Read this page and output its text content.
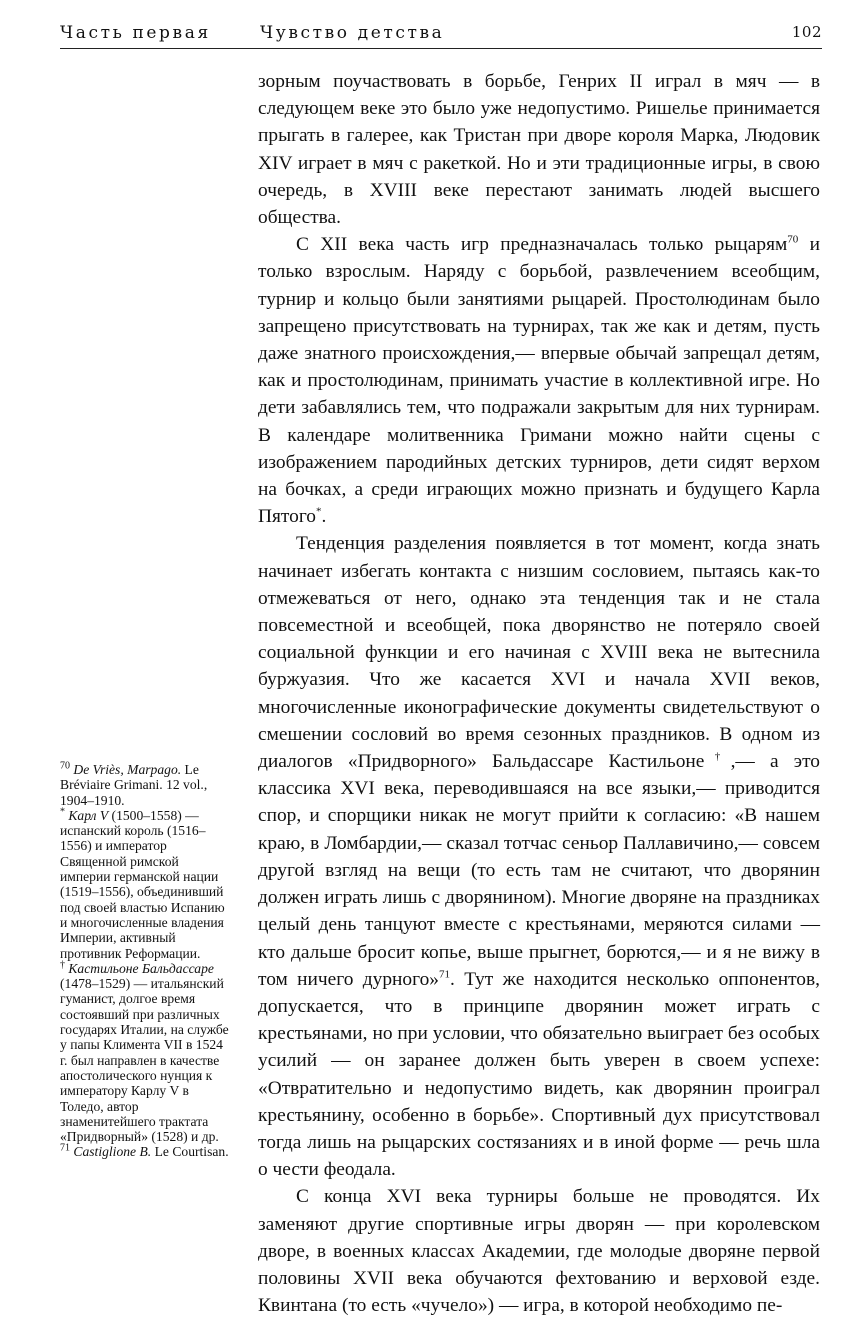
Часть первая	Чувство детства	102

зорным поучаствовать в борьбе, Генрих II играл в мяч — в следующем веке это было уже недопустимо. Ришелье принимается прыгать в галерее, как Тристан при дворе короля Марка, Людовик XIV играет в мяч с ракеткой. Но и эти традиционные игры, в свою очередь, в XVIII веке перестают занимать людей высшего общества.

С XII века часть игр предназначалась только рыцарям$^{70}$ и только взрослым. Наряду с борьбой, развлечением всеобщим, турнир и кольцо были занятиями рыцарей. Простолюдинам было запрещено присутствовать на турнирах, так же как и детям, пусть даже знатного происхождения,— впервые обычай запрещал детям, как и простолюдинам, принимать участие в коллективной игре. Но дети забавлялись тем, что подражали закрытым для них турнирам. В календаре молитвенника Гримани можно найти сцены с изображением пародийных детских турниров, дети сидят верхом на бочках, а среди играющих можно признать и будущего Карла Пятого*.

Тенденция разделения появляется в тот момент, когда знать начинает избегать контакта с низшим сословием, пытаясь как-то отмежеваться от него, однако эта тенденция так и не стала повсеместной и всеобщей, пока дворянство не потеряло своей социальной функции и его начиная с XVIII века не вытеснила буржуазия. Что же касается XVI и начала XVII веков, многочисленные иконографические документы свидетельствуют о смешении сословий во время сезонных праздников. В одном из диалогов «Придворного» Бальдассаре Кастильоне†,— а это классика XVI века, переводившаяся на все языки,— приводится спор, и спорщики никак не могут прийти к согласию: «В нашем краю, в Ломбардии,— сказал тотчас сеньор Паллавичино,— совсем другой взгляд на вещи (то есть там не считают, что дворянин должен играть лишь с дворянином). Многие дворяне на праздниках целый день танцуют вместе с крестьянами, меряются силами — кто дальше бросит копье, выше прыгнет, борются,— и я не вижу в том ничего дурного»$^{71}$. Тут же находится несколько оппонентов, допускается, что в принципе дворянин может играть с крестьянами, но при условии, что обязательно выиграет без особых усилий — он заранее должен быть уверен в своем успехе: «Отвратительно и недопустимо видеть, как дворянин проиграл крестьянину, особенно в борьбе». Спортивный дух присутствовал тогда лишь на рыцарских состязаниях и в иной форме — речь шла о чести феодала.

С конца XVI века турниры больше не проводятся. Их заменяют другие спортивные игры дворян — при королевском дворе, в военных классах Академии, где молодые дворяне первой половины XVII века обучаются фехтованию и верховой езде. Квинтана (то есть «чучело») — игра, в которой необходимо пе-

$^{70}$ De Vriès, Marpago. Le Bréviaire Grimani. 12 vol., 1904–1910.

* Карл V (1500–1558) — испанский король (1516–1556) и император Священной римской империи германской нации (1519–1556), объединивший под своей властью Испанию и многочисленные владения Империи, активный противник Реформации.

† Кастильоне Бальдассаре (1478–1529) — итальянский гуманист, долгое время состоявший при различных государях Италии, на службе у папы Климента VII в 1524 г. был направлен в качестве апостолического нунция к императору Карлу V в Толедо, автор знаменитейшего трактата «Придворный» (1528) и др.

$^{71}$ Castiglione B. Le Courtisan.
